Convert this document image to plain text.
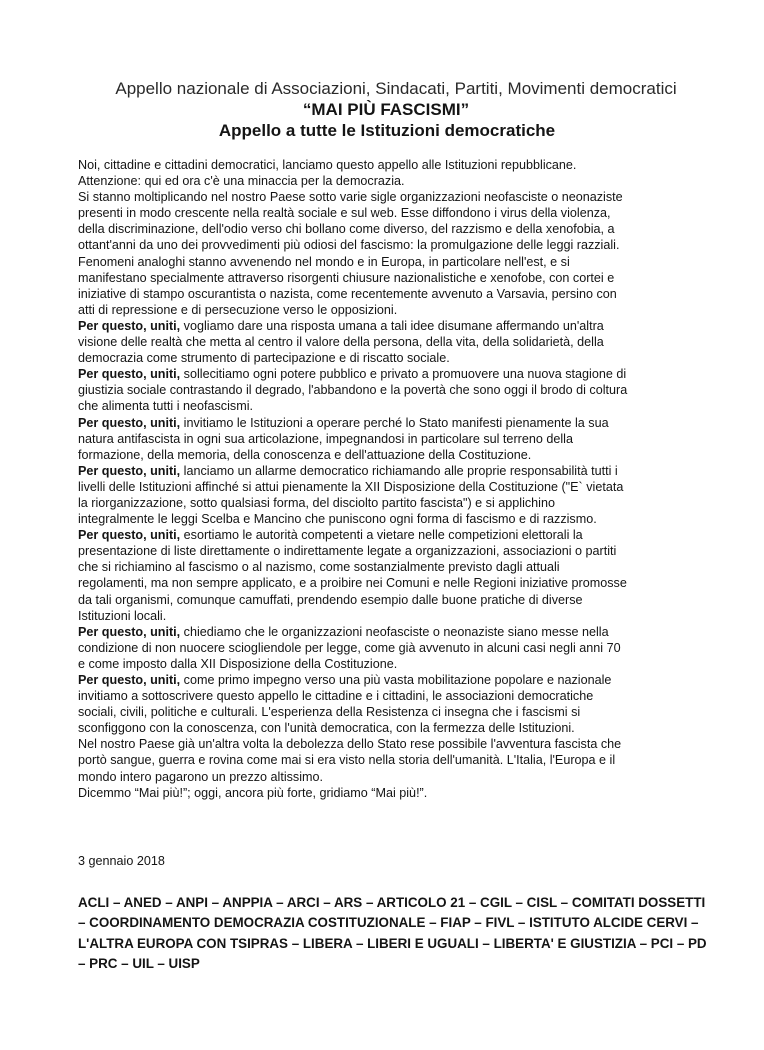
Appello nazionale di Associazioni, Sindacati, Partiti, Movimenti democratici
“MAI PIÙ FASCISMI”
Appello a tutte le Istituzioni democratiche

Noi, cittadine e cittadini democratici, lanciamo questo appello alle Istituzioni repubblicane.
Attenzione: qui ed ora c'è una minaccia per la democrazia.
Si stanno moltiplicando nel nostro Paese sotto varie sigle organizzazioni neofasciste o neonaziste
presenti in modo crescente nella realtà sociale e sul web. Esse diffondono i virus della violenza,
della discriminazione, dell'odio verso chi bollano come diverso, del razzismo e della xenofobia, a
ottant'anni da uno dei provvedimenti più odiosi del fascismo: la promulgazione delle leggi razziali.
Fenomeni analoghi stanno avvenendo nel mondo e in Europa, in particolare nell'est, e si
manifestano specialmente attraverso risorgenti chiusure nazionalistiche e xenofobe, con cortei e
iniziative di stampo oscurantista o nazista, come recentemente avvenuto a Varsavia, persino con
atti di repressione e di persecuzione verso le opposizioni.

Per questo, uniti, vogliamo dare una risposta umana a tali idee disumane affermando un'altra
visione delle realtà che metta al centro il valore della persona, della vita, della solidarietà, della
democrazia come strumento di partecipazione e di riscatto sociale.

Per questo, uniti, sollecitiamo ogni potere pubblico e privato a promuovere una nuova stagione di
giustizia sociale contrastando il degrado, l'abbandono e la povertà che sono oggi il brodo di coltura
che alimenta tutti i neofascismi.

Per questo, uniti, invitiamo le Istituzioni a operare perché lo Stato manifesti pienamente la sua
natura antifascista in ogni sua articolazione, impegnandosi in particolare sul terreno della
formazione, della memoria, della conoscenza e dell'attuazione della Costituzione.

Per questo, uniti, lanciamo un allarme democratico richiamando alle proprie responsabilità tutti i
livelli delle Istituzioni affinché si attui pienamente la XII Disposizione della Costituzione ("E` vietata
la riorganizzazione, sotto qualsiasi forma, del disciolto partito fascista") e si applichino
integralmente le leggi Scelba e Mancino che puniscono ogni forma di fascismo e di razzismo.

Per questo, uniti, esortiamo le autorità competenti a vietare nelle competizioni elettorali la
presentazione di liste direttamente o indirettamente legate a organizzazioni, associazioni o partiti
che si richiamino al fascismo o al nazismo, come sostanzialmente previsto dagli attuali
regolamenti, ma non sempre applicato, e a proibire nei Comuni e nelle Regioni iniziative promosse
da tali organismi, comunque camuffati, prendendo esempio dalle buone pratiche di diverse
Istituzioni locali.

Per questo, uniti, chiediamo che le organizzazioni neofasciste o neonaziste siano messe nella
condizione di non nuocere sciogliendole per legge, come già avvenuto in alcuni casi negli anni 70
e come imposto dalla XII Disposizione della Costituzione.

Per questo, uniti, come primo impegno verso una più vasta mobilitazione popolare e nazionale
invitiamo a sottoscrivere questo appello le cittadine e i cittadini, le associazioni democratiche
sociali, civili, politiche e culturali. L'esperienza della Resistenza ci insegna che i fascismi si
sconfiggono con la conoscenza, con l'unità democratica, con la fermezza delle Istituzioni.

Nel nostro Paese già un'altra volta la debolezza dello Stato rese possibile l'avventura fascista che
portò sangue, guerra e rovina come mai si era visto nella storia dell'umanità. L'Italia, l'Europa e il
mondo intero pagarono un prezzo altissimo.
Dicemmo “Mai più!”; oggi, ancora più forte, gridiamo “Mai più!”.

3 gennaio 2018
ACLI – ANED – ANPI – ANPPIA – ARCI – ARS – ARTICOLO 21 – CGIL – CISL – COMITATI DOSSETTI – COORDINAMENTO DEMOCRAZIA COSTITUZIONALE – FIAP – FIVL – ISTITUTO ALCIDE CERVI – L'ALTRA EUROPA CON TSIPRAS – LIBERA – LIBERI E UGUALI – LIBERTA' E GIUSTIZIA – PCI – PD – PRC – UIL – UISP
